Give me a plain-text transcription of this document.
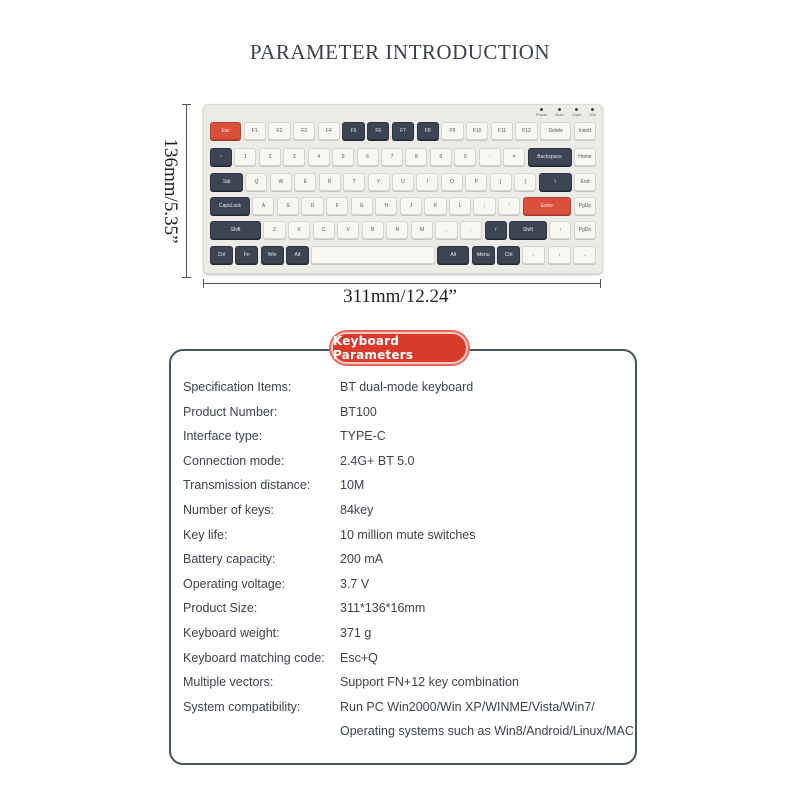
PARAMETER INTRODUCTION
136mm/5.35”
Power Num Caps Win
Esc	F1	F2	F3	F4	F5	F6	F7	F8	F9	F10	F11	F12	Delete	Insert
~	1	2	3	4	5	6	7	8	9	0	-	=	Backspace	Home
Tab	Q	W	E	R	T	Y	U	I	O	P	[	]	\	End
CapsLock	A	S	D	F	G	H	J	K	L	;	'	Enter	PgUp
Shift	Z	X	C	V	B	N	M	,	.	/	Shift	↑	PgDn
Ctrl	Fn	Win	Alt	Alt	Menu	Ctrl	←	↓	→
311mm/12.24”
Keyboard Parameters
Specification Items:	BT dual-mode keyboard
Product Number:	BT100
Interface type:	TYPE-C
Connection mode:	2.4G+ BT 5.0
Transmission distance: 10M
Number of keys:	84key
Key life:	10 million mute switches
Battery capacity:	200 mA
Operating voltage:	3.7 V
Product Size:	311*136*16mm
Keyboard weight:	371 g
Keyboard matching code: Esc+Q
Multiple vectors:	Support FN+12 key combination
System compatibility:	Run PC Win2000/Win XP/WINME/Vista/Win7/
Operating systems such as Win8/Android/Linux/MAC.
